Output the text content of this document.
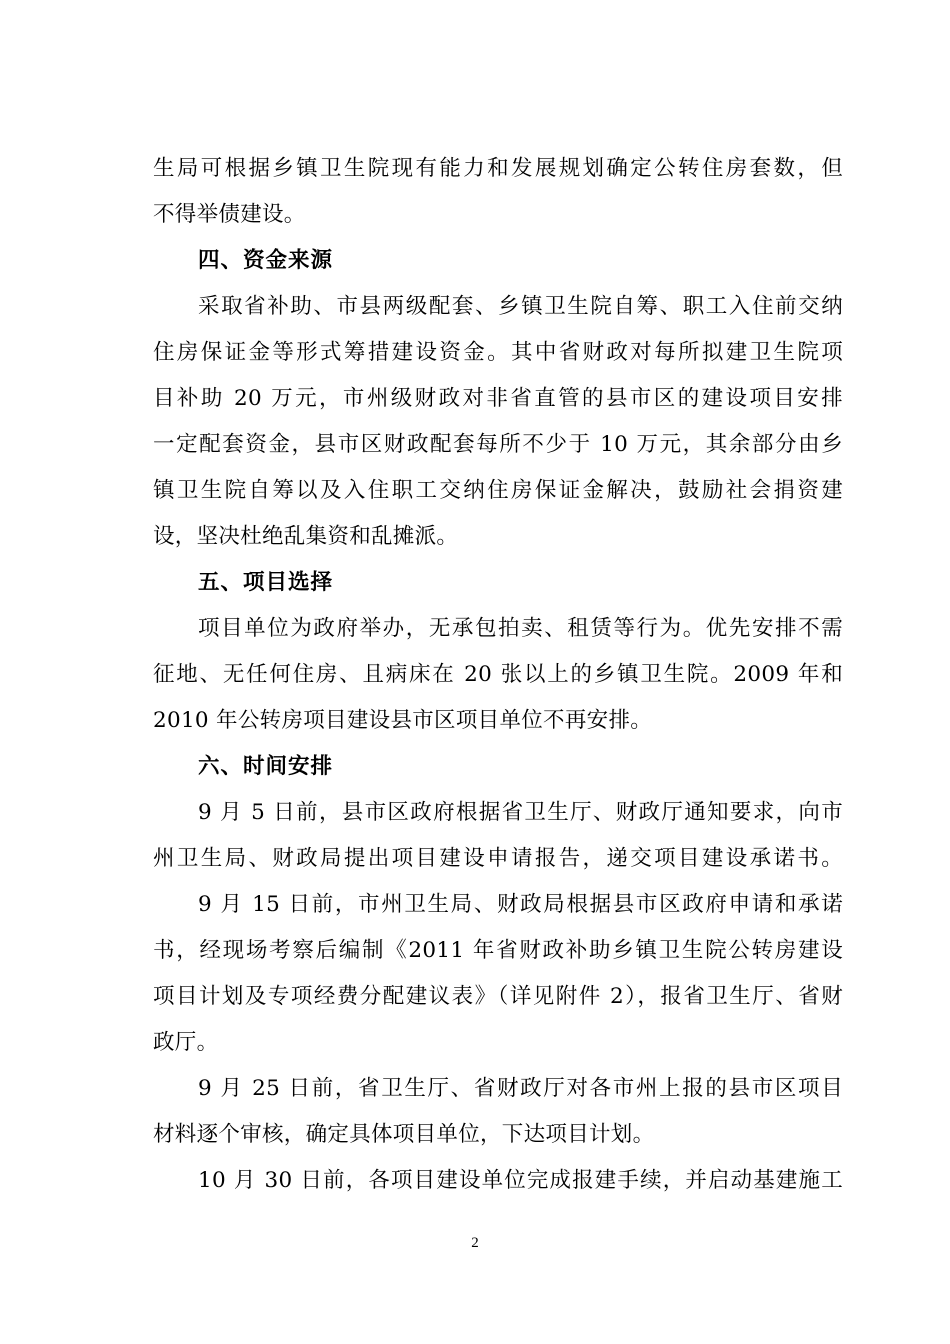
生局可根据乡镇卫生院现有能力和发展规划确定公转住房套数，但
不得举债建设。
四、资金来源
采取省补助、市县两级配套、乡镇卫生院自筹、职工入住前交纳
住房保证金等形式筹措建设资金。其中省财政对每所拟建卫生院项
目补助 20 万元，市州级财政对非省直管的县市区的建设项目安排
一定配套资金，县市区财政配套每所不少于 10 万元，其余部分由乡
镇卫生院自筹以及入住职工交纳住房保证金解决，鼓励社会捐资建
设，坚决杜绝乱集资和乱摊派。
五、项目选择
项目单位为政府举办，无承包拍卖、租赁等行为。优先安排不需
征地、无任何住房、且病床在 20 张以上的乡镇卫生院。2009 年和
2010 年公转房项目建设县市区项目单位不再安排。
六、时间安排
9 月 5 日前，县市区政府根据省卫生厅、财政厅通知要求，向市
州卫生局、财政局提出项目建设申请报告，递交项目建设承诺书。
9 月 15 日前，市州卫生局、财政局根据县市区政府申请和承诺
书，经现场考察后编制《2011 年省财政补助乡镇卫生院公转房建设
项目计划及专项经费分配建议表》（详见附件 2），报省卫生厅、省财
政厅。
9 月 25 日前，省卫生厅、省财政厅对各市州上报的县市区项目
材料逐个审核，确定具体项目单位，下达项目计划。
10 月 30 日前，各项目建设单位完成报建手续，并启动基建施工
2
